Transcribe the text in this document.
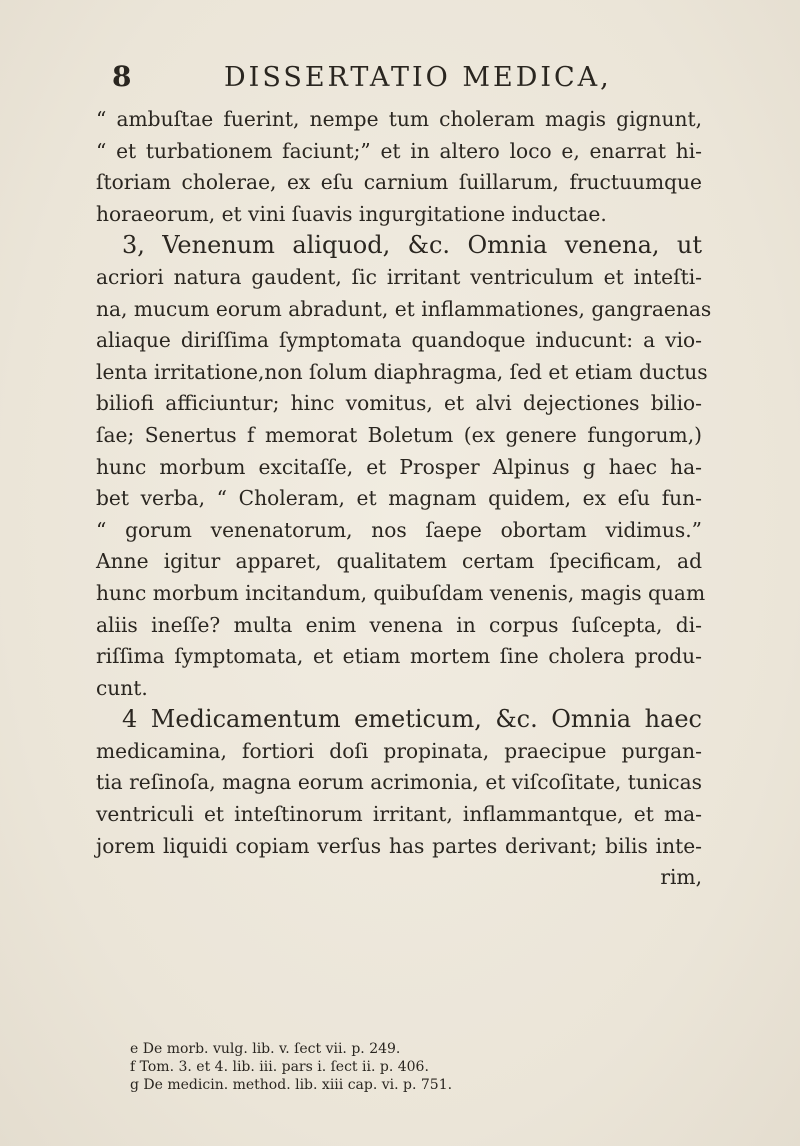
8	DISSERTATIO MEDICA,
“ ambuſtae fuerint, nempe tum choleram magis gignunt,
“ et turbationem faciunt;” et in altero loco e, enarrat hi-
ſtoriam cholerae, ex eſu carnium ſuillarum, fructuumque
horaeorum, et vini ſuavis ingurgitatione inductae.
3, Venenum aliquod, &c. Omnia venena, ut
acriori natura gaudent, ſic irritant ventriculum et inteſti-
na, mucum eorum abradunt, et inflammationes, gangraenas
aliaque diriſſima ſymptomata quandoque inducunt: a vio-
lenta irritatione,non ſolum diaphragma, ſed et etiam ductus
biliofi afficiuntur; hinc vomitus, et alvi dejectiones bilio-
ſae; Senertus f memorat Boletum (ex genere fungorum,)
hunc morbum excitaſſe, et Prosper Alpinus g haec ha-
bet verba, “ Choleram, et magnam quidem, ex eſu fun-
“ gorum venenatorum, nos ſaepe obortam vidimus.”
Anne igitur apparet, qualitatem certam ſpecificam, ad
hunc morbum incitandum, quibuſdam venenis, magis quam
aliis ineſſe? multa enim venena in corpus ſuſcepta, di-
riſſima ſymptomata, et etiam mortem ſine cholera produ-
cunt.
4 Medicamentum emeticum, &c. Omnia haec
medicamina, fortiori doſi propinata, praecipue purgan-
tia reſinoſa, magna eorum acrimonia, et viſcoſitate, tunicas
ventriculi et inteſtinorum irritant, inflammantque, et ma-
jorem liquidi copiam verſus has partes derivant; bilis inte-
rim,
e De morb. vulg. lib. v. ſect vii. p. 249.
f Tom. 3. et 4. lib. iii. pars i. ſect ii. p. 406.
g De medicin. method. lib. xiii cap. vi. p. 751.
